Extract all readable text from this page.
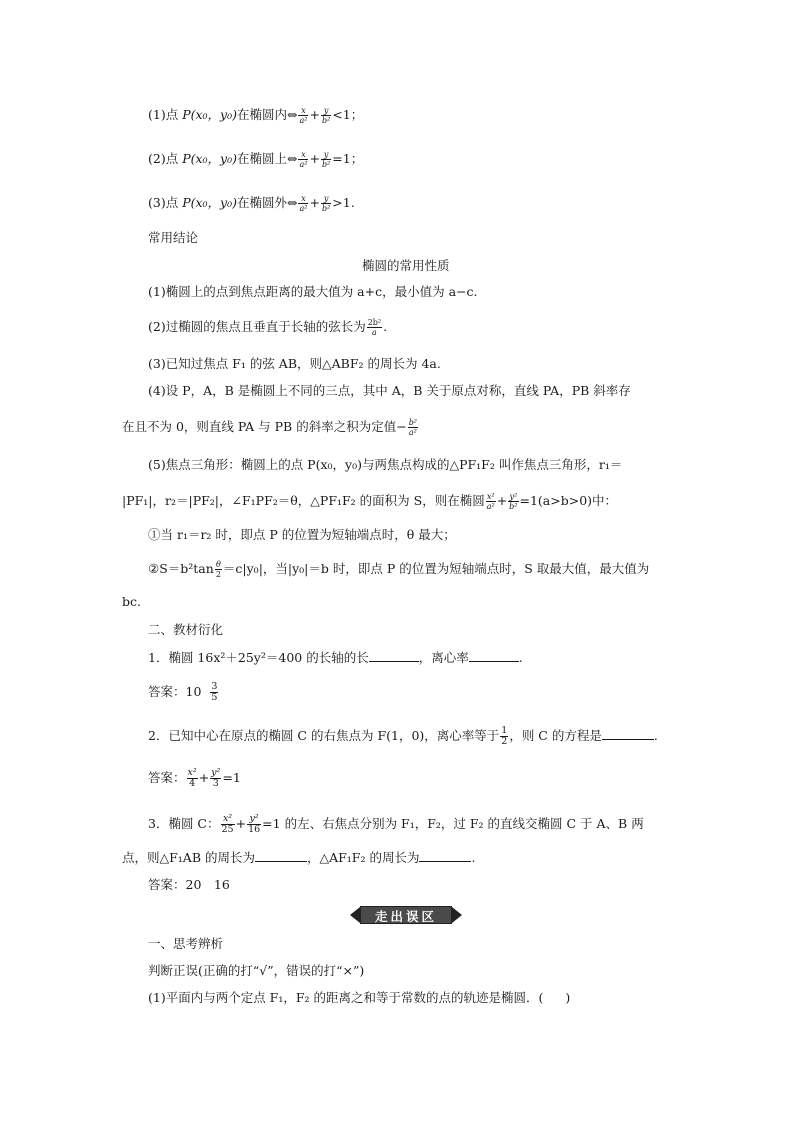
(1)点 P(x₀，y₀)在椭圆内⇔ $\frac{x}{\text{a²}} + \frac{y}{\text{b²}} <1$；
(2)点 P(x₀，y₀)在椭圆上⇔ $\frac{x}{\text{a²}} + \frac{y}{\text{b²}} =1$；
(3)点 P(x₀，y₀)在椭圆外⇔ $\frac{x}{\text{a²}} + \frac{y}{\text{b²}} >1$.
常用结论
椭圆的常用性质
(1)椭圆上的点到焦点距离的最大值为 a+c，最小值为 a−c.
(2)过椭圆的焦点且垂直于长轴的弦长为 $\frac{\text{2b²}}{a}$ .
(3)已知过焦点 F₁ 的弦 AB，则△ABF₂ 的周长为 4a.
(4)设 P，A，B 是椭圆上不同的三点，其中 A，B 关于原点对称，直线 PA，PB 斜率存
在且不为 0，则直线 PA 与 PB 的斜率之积为定值− $\frac{\text{b²}}{\text{a²}}$
(5)焦点三角形：椭圆上的点 P(x₀，y₀)与两焦点构成的△PF₁F₂ 叫作焦点三角形，r₁＝
|PF₁|，r₂＝|PF₂|，∠F₁PF₂＝θ，△PF₁F₂ 的面积为 S，则在椭圆 $\frac{\text{x²}}{\text{a²}} + \frac{\text{y²}}{\text{b²}} =1(a>b>0)$中：
①当 r₁＝r₂ 时，即点 P 的位置为短轴端点时，θ 最大；
②S＝b²tan $\frac{\theta}{2} =c|y_0|$，当|y₀|＝b 时，即点 P 的位置为短轴端点时，S 取最大值，最大值为
bc.
二、教材衍化
1．椭圆 16x²＋25y²＝400 的长轴的长	，离心率	.
答案：$10 \frac{3}{5}$
2．已知中心在原点的椭圆 C 的右焦点为 F(1，0)，离心率等于 $\frac{1}{2}$ ，则 C 的方程是	.
答案： $\frac{\text{x²}}{4} + \frac{\text{y²}}{3} =1$
3．椭圆 C： $\frac{\text{x²}}{25} + \frac{\text{y²}}{16} =1$ 的左、右焦点分别为 F₁，F₂，过 F₂ 的直线交椭圆 C 于 A、B 两
点，则△F₁AB 的周长为	，△AF₁F₂ 的周长为	.
答案：20　16
走出误区
一、思考辨析
判断正误(正确的打“√”，错误的打“×”)
(1)平面内与两个定点 F₁，F₂ 的距离之和等于常数的点的轨迹是椭圆．( )
